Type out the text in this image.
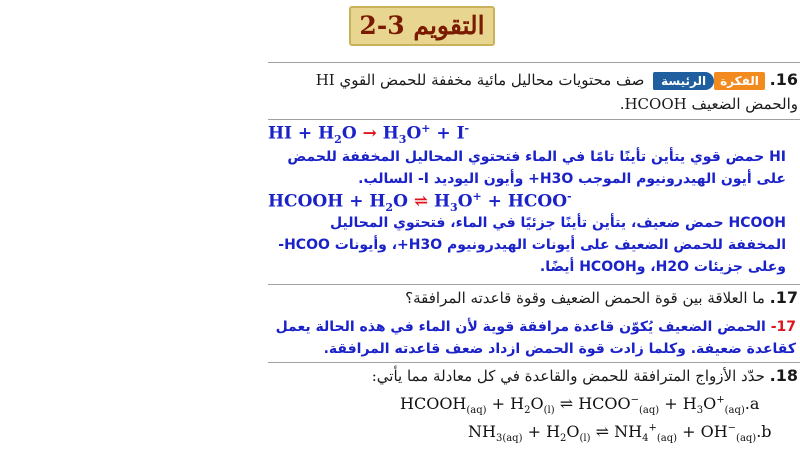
التقويم 3-2
16. الفكرةالرئيسة صف محتويات محاليل مائية مخففة للحمض القوي HI والحمض الضعيف HCOOH.
HI + $H_2O \to H_3O^+ + I^-$
HI حمض قوي يتأين تأينًا تامًا في الماء فتحتوي المحاليل المخففة للحمض على أيون الهيدرونيوم الموجب H3O+ وأيون اليوديد I- السالب.
HCOOH + $H_2O$ ⇌ $H_3O^+$ + HCOO-
HCOOH حمض ضعيف، يتأين تأينًا جزئيًا في الماء، فتحتوي المحاليل المخففة للحمض الضعيف على أيونات الهيدرونيوم H3O+، وأيونات HCOO- وعلى جزيئات H2O، وHCOOH أيضًا.
17. ما العلاقة بين قوة الحمض الضعيف وقوة قاعدته المرافقة؟
17- الحمض الضعيف يُكوّن قاعدة مرافقة قوية لأن الماء في هذه الحالة يعمل كقاعدة ضعيفة. وكلما زادت قوة الحمض ازداد ضعف قاعدته المرافقة.
18. حدّد الأزواج المترافقة للحمض والقاعدة في كل معادلة مما يأتي:
$HCOOH_{(aq)} + H_2O_{(l)}$ ⇌ $HCOO^-_{(aq)} + H_3O^+_{(aq)}.a$
$NH_{3(aq)} + H_2O_{(l)}$ ⇌ $NH_4^+_{(aq)} + OH^-_{(aq)}.b$
